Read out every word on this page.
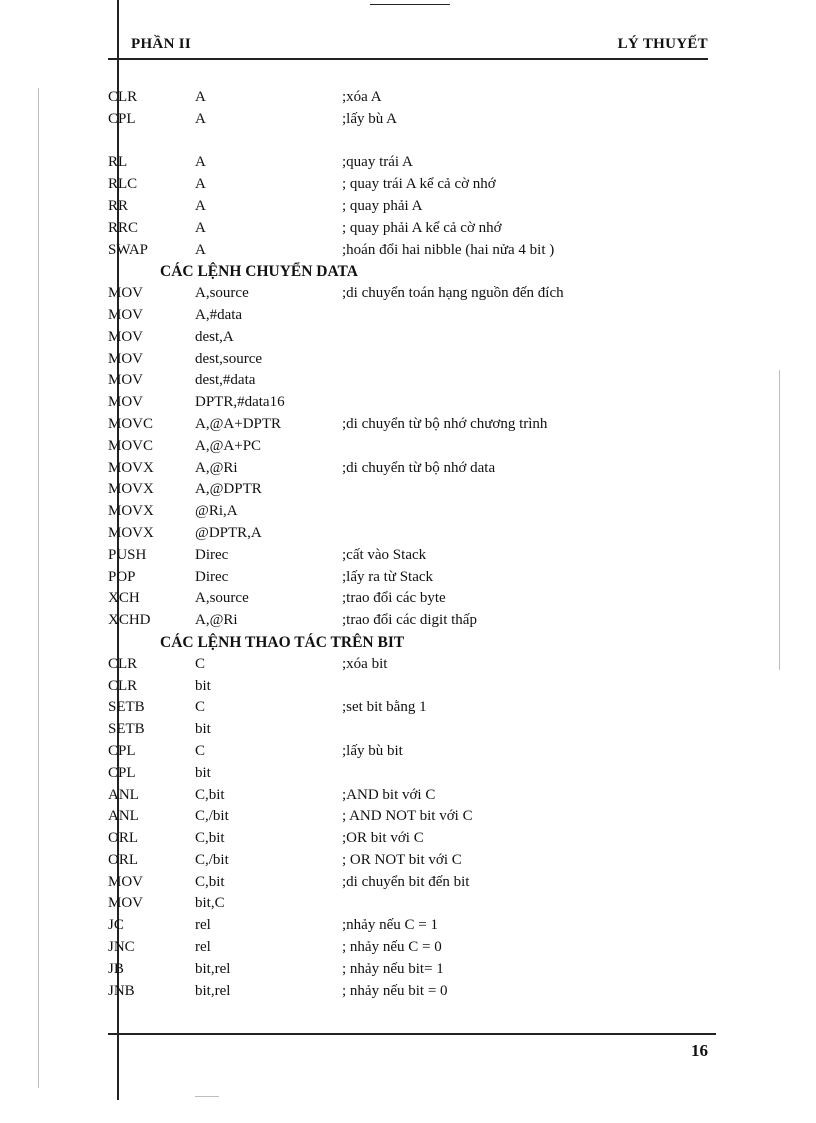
PHẦN II	LÝ THUYẾT
CLR	A	;xóa A
CPL	A	;lấy bù A
RL	A	;quay trái A
RLC	A	; quay trái A kể cả cờ nhớ
RR	A	; quay phải A
RRC	A	; quay phải A kể cả cờ nhớ
SWAP	A	;hoán đổi hai nibble (hai nửa 4 bit )
CÁC LỆNH CHUYỂN DATA
MOV	A,source	;di chuyển toán hạng nguồn đến đích
MOV	A,#data
MOV	dest,A
MOV	dest,source
MOV	dest,#data
MOV	DPTR,#data16
MOVC	A,@A+DPTR	;di chuyển từ bộ nhớ chương trình
MOVC	A,@A+PC
MOVX	A,@Ri	;di chuyển từ bộ nhớ data
MOVX	A,@DPTR
MOVX	@Ri,A
MOVX	@DPTR,A
PUSH	Direc	;cất vào Stack
POP	Direc	;lấy ra từ Stack
XCH	A,source	;trao đổi các byte
XCHD	A,@Ri	;trao đổi các digit thấp
CÁC LỆNH THAO TÁC TRÊN BIT
CLR	C	;xóa bit
CLR	bit
SETB	C	;set bit bằng 1
SETB	bit
CPL	C	;lấy bù bit
CPL	bit
ANL	C,bit	;AND bit với C
ANL	C,/bit	; AND NOT bit với C
ORL	C,bit	;OR bit với C
ORL	C,/bit	; OR NOT bit với C
MOV	C,bit	;di chuyển bit đến bit
MOV	bit,C
JC	rel	;nhảy nếu C = 1
JNC	rel	; nhảy nếu C = 0
JB	bit,rel	; nhảy nếu bit= 1
JNB	bit,rel	; nhảy nếu bit = 0
16
